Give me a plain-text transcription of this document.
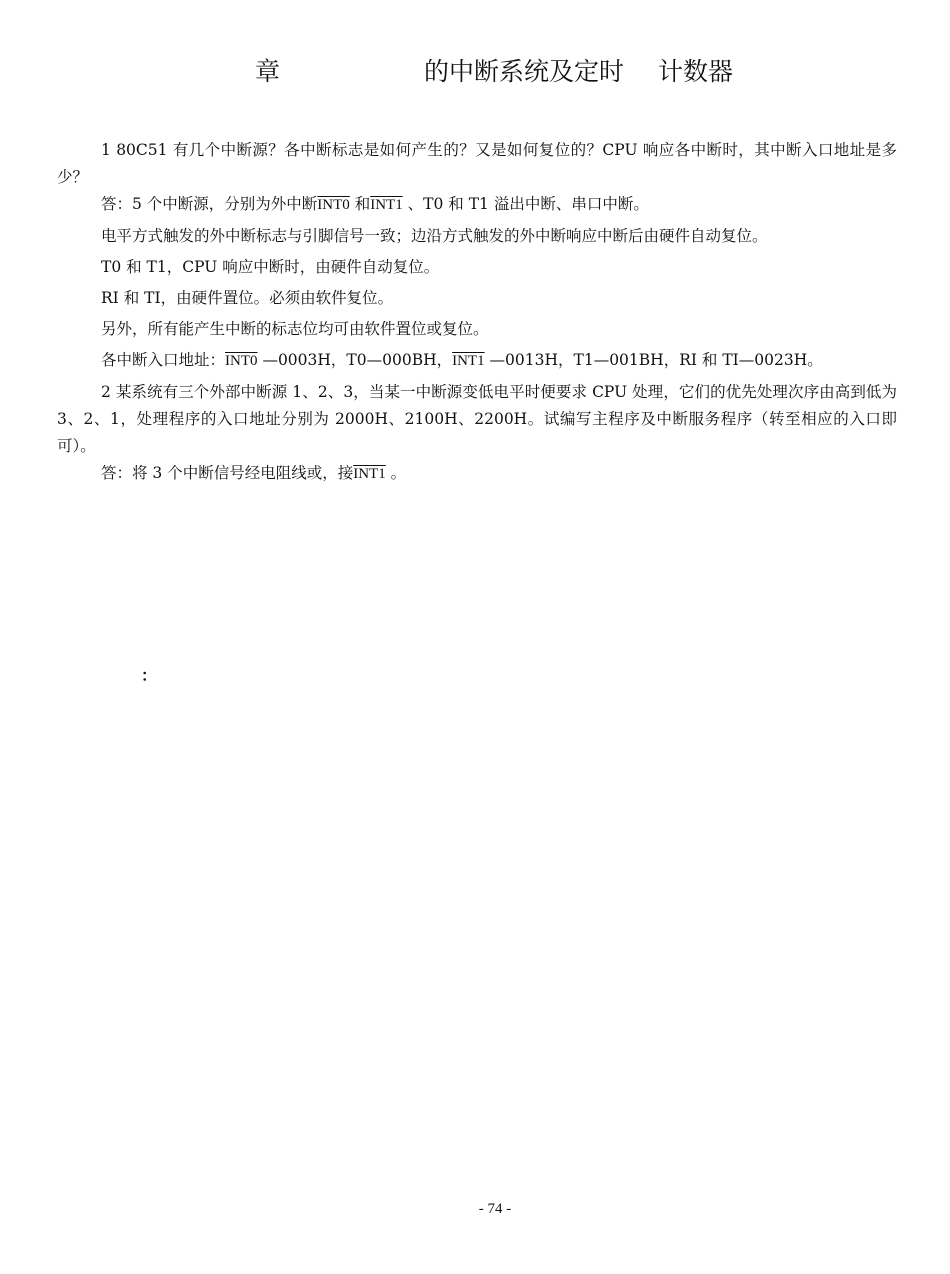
章	的中断系统及定时 计数器

1 80C51 有几个中断源？各中断标志是如何产生的？又是如何复位的？CPU 响应各中断时，其中断入口地址是多少？

答：5 个中断源，分别为外中断INT0 和INT1 、T0 和 T1 溢出中断、串口中断。

电平方式触发的外中断标志与引脚信号一致；边沿方式触发的外中断响应中断后由硬件自动复位。

T0 和 T1，CPU 响应中断时，由硬件自动复位。

RI 和 TI，由硬件置位。必须由软件复位。

另外，所有能产生中断的标志位均可由软件置位或复位。

各中断入口地址：INT0 —0003H，T0—000BH，INT1 —0013H，T1—001BH，RI 和 TI—0023H。

2 某系统有三个外部中断源 1、2、3，当某一中断源变低电平时便要求 CPU 处理，它们的优先处理次序由高到低为 3、2、1，处理程序的入口地址分别为 2000H、2100H、2200H。试编写主程序及中断服务程序（转至相应的入口即可）。

答：将 3 个中断信号经电阻线或，接INT1 。

：
- 74 -
